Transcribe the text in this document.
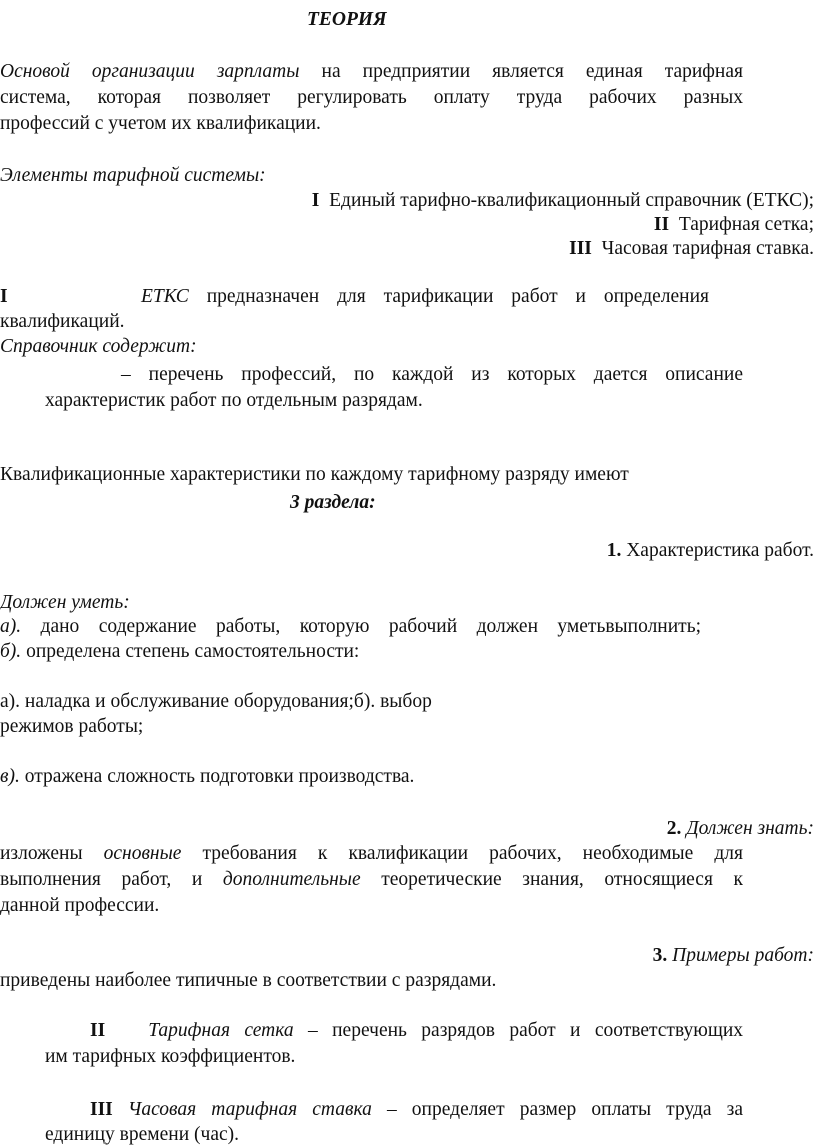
ТЕОРИЯ
Основой организации зарплаты на предприятии является единая тарифная
система, которая позволяет регулировать оплату труда рабочих разных
профессий с учетом их квалификации.
Элементы тарифной системы:
I Единый тарифно-квалификационный справочник (ЕТКС);
II Тарифная сетка;
III Часовая тарифная ставка.
I	ЕТКС предназначен для тарификации работ и определения
квалификаций.
Справочник содержит:
– перечень профессий, по каждой из которых дается описание
характеристик работ по отдельным разрядам.
Квалификационные характеристики по каждому тарифному разряду имеют
3 раздела:
1. Характеристика работ.
Должен уметь:
а). дано содержание работы, которую рабочий должен уметьвыполнить;
б). определена степень самостоятельности:
а). наладка и обслуживание оборудования;б). выбор
режимов работы;
в). отражена сложность подготовки производства.
2. Должен знать:
изложены основные требования к квалификации рабочих, необходимые для
выполнения работ, и дополнительные теоретические знания, относящиеся к
данной профессии.
3. Примеры работ:
приведены наиболее типичные в соответствии с разрядами.
II Тарифная сетка – перечень разрядов работ и соответствующих
им тарифных коэффициентов.
III Часовая тарифная ставка – определяет размер оплаты труда за
единицу времени (час).
